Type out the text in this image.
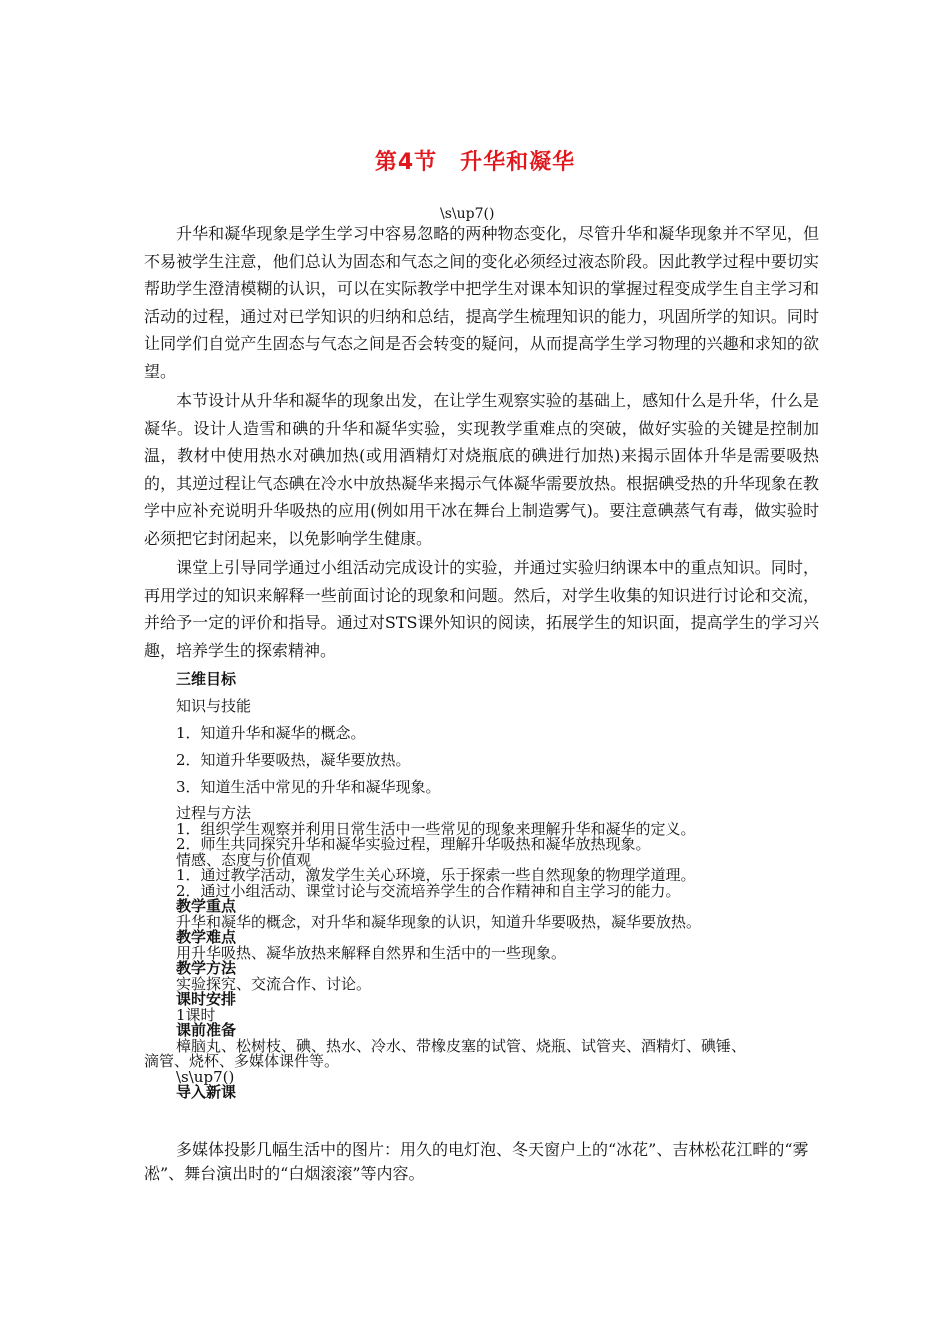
第4节　升华和凝华
\s\up7()

升华和凝华现象是学生学习中容易忽略的两种物态变化，尽管升华和凝华现象并不罕见，但不易被学生注意，他们总认为固态和气态之间的变化必须经过液态阶段。因此教学过程中要切实帮助学生澄清模糊的认识，可以在实际教学中把学生对课本知识的掌握过程变成学生自主学习和活动的过程，通过对已学知识的归纳和总结，提高学生梳理知识的能力，巩固所学的知识。同时让同学们自觉产生固态与气态之间是否会转变的疑问，从而提高学生学习物理的兴趣和求知的欲望。

本节设计从升华和凝华的现象出发，在让学生观察实验的基础上，感知什么是升华，什么是凝华。设计人造雪和碘的升华和凝华实验，实现教学重难点的突破，做好实验的关键是控制加温，教材中使用热水对碘加热(或用酒精灯对烧瓶底的碘进行加热)来揭示固体升华是需要吸热的，其逆过程让气态碘在冷水中放热凝华来揭示气体凝华需要放热。根据碘受热的升华现象在教学中应补充说明升华吸热的应用(例如用干冰在舞台上制造雾气)。要注意碘蒸气有毒，做实验时必须把它封闭起来，以免影响学生健康。

课堂上引导同学通过小组活动完成设计的实验，并通过实验归纳课本中的重点知识。同时，再用学过的知识来解释一些前面讨论的现象和问题。然后，对学生收集的知识进行讨论和交流，并给予一定的评价和指导。通过对STS课外知识的阅读，拓展学生的知识面，提高学生的学习兴趣，培养学生的探索精神。

三维目标
知识与技能
1．知道升华和凝华的概念。
2．知道升华要吸热，凝华要放热。
3．知道生活中常见的升华和凝华现象。
过程与方法
1．组织学生观察并利用日常生活中一些常见的现象来理解升华和凝华的定义。
2．师生共同探究升华和凝华实验过程，理解升华吸热和凝华放热现象。
情感、态度与价值观
1．通过教学活动，激发学生关心环境，乐于探索一些自然现象的物理学道理。
2．通过小组活动、课堂讨论与交流培养学生的合作精神和自主学习的能力。
教学重点
升华和凝华的概念，对升华和凝华现象的认识，知道升华要吸热，凝华要放热。
教学难点
用升华吸热、凝华放热来解释自然界和生活中的一些现象。
教学方法
实验探究、交流合作、讨论。
课时安排
1课时
课前准备
樟脑丸、松树枝、碘、热水、冷水、带橡皮塞的试管、烧瓶、试管夹、酒精灯、碘锤、
滴管、烧杯、多媒体课件等。
\s\up7()
导入新课

多媒体投影几幅生活中的图片：用久的电灯泡、冬天窗户上的“冰花”、吉林松花江畔的“雾凇”、舞台演出时的“白烟滚滚”等内容。
